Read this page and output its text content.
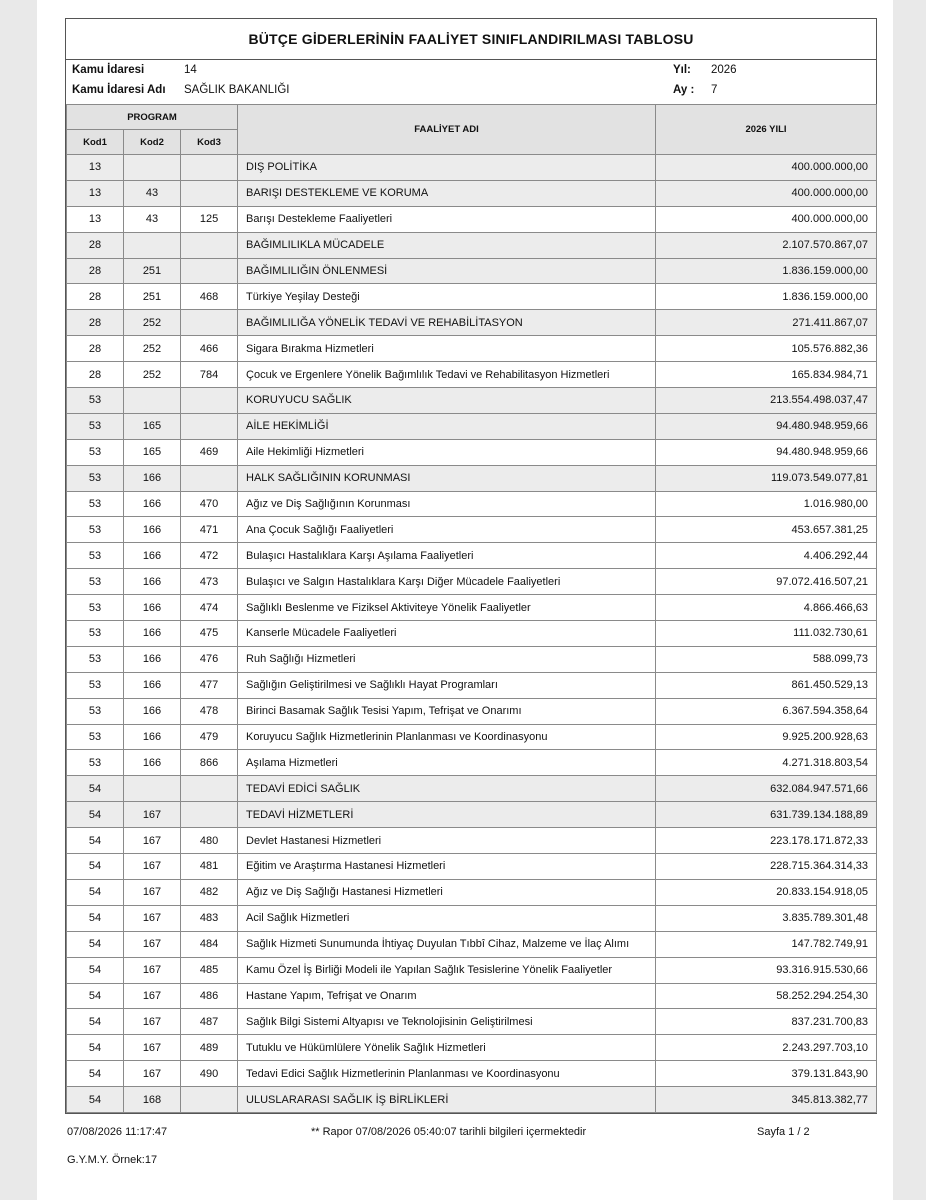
BÜTÇE GİDERLERİNİN FAALİYET SINIFLANDIRILMASI TABLOSU
Kamu İdaresi	14
Kamu İdaresi Adı SAĞLIK BAKANLIĞI
Yıl: 2026
Ay : 7
PROGRAM			FAALİYET ADI	2026 YILI
Kod1	Kod2	Kod3		
13			DIŞ POLİTİKA	400.000.000,00
13	43		BARIŞI DESTEKLEME VE KORUMA	400.000.000,00
13	43	125	Barışı Destekleme Faaliyetleri	400.000.000,00
28			BAĞIMLILIKLA MÜCADELE	2.107.570.867,07
28	251		BAĞIMLILIĞIN ÖNLENMESİ	1.836.159.000,00
28	251	468	Türkiye Yeşilay Desteği	1.836.159.000,00
28	252		BAĞIMLILIĞA YÖNELİK TEDAVİ VE REHABİLİTASYON	271.411.867,07
28	252	466	Sigara Bırakma Hizmetleri	105.576.882,36
28	252	784	Çocuk ve Ergenlere Yönelik Bağımlılık Tedavi ve Rehabilitasyon Hizmetleri	165.834.984,71
53			KORUYUCU SAĞLIK	213.554.498.037,47
53	165		AİLE HEKİMLİĞİ	94.480.948.959,66
53	165	469	Aile Hekimliği Hizmetleri	94.480.948.959,66
53	166		HALK SAĞLIĞININ KORUNMASI	119.073.549.077,81
53	166	470	Ağız ve Diş Sağlığının Korunması	1.016.980,00
53	166	471	Ana Çocuk Sağlığı Faaliyetleri	453.657.381,25
53	166	472	Bulaşıcı Hastalıklara Karşı Aşılama Faaliyetleri	4.406.292,44
53	166	473	Bulaşıcı ve Salgın Hastalıklara Karşı Diğer Mücadele Faaliyetleri	97.072.416.507,21
53	166	474	Sağlıklı Beslenme ve Fiziksel Aktiviteye Yönelik Faaliyetler	4.866.466,63
53	166	475	Kanserle Mücadele Faaliyetleri	111.032.730,61
53	166	476	Ruh Sağlığı Hizmetleri	588.099,73
53	166	477	Sağlığın Geliştirilmesi ve Sağlıklı Hayat Programları	861.450.529,13
53	166	478	Birinci Basamak Sağlık Tesisi Yapım, Tefrişat ve Onarımı	6.367.594.358,64
53	166	479	Koruyucu Sağlık Hizmetlerinin Planlanması ve Koordinasyonu	9.925.200.928,63
53	166	866	Aşılama Hizmetleri	4.271.318.803,54
54			TEDAVİ EDİCİ SAĞLIK	632.084.947.571,66
54	167		TEDAVİ HİZMETLERİ	631.739.134.188,89
54	167	480	Devlet Hastanesi Hizmetleri	223.178.171.872,33
54	167	481	Eğitim ve Araştırma Hastanesi Hizmetleri	228.715.364.314,33
54	167	482	Ağız ve Diş Sağlığı Hastanesi Hizmetleri	20.833.154.918,05
54	167	483	Acil Sağlık Hizmetleri	3.835.789.301,48
54	167	484	Sağlık Hizmeti Sunumunda İhtiyaç Duyulan Tıbbî Cihaz, Malzeme ve İlaç Alımı	147.782.749,91
54	167	485	Kamu Özel İş Birliği Modeli ile Yapılan Sağlık Tesislerine Yönelik Faaliyetler	93.316.915.530,66
54	167	486	Hastane Yapım, Tefrişat ve Onarım	58.252.294.254,30
54	167	487	Sağlık Bilgi Sistemi Altyapısı ve Teknolojisinin Geliştirilmesi	837.231.700,83
54	167	489	Tutuklu ve Hükümlülere Yönelik Sağlık Hizmetleri	2.243.297.703,10
54	167	490	Tedavi Edici Sağlık Hizmetlerinin Planlanması ve Koordinasyonu	379.131.843,90
54	168		ULUSLARARASI SAĞLIK İŞ BİRLİKLERİ	345.813.382,77
07/08/2026 11:17:47	** Rapor 07/08/2026 05:40:07 tarihli bilgileri içermektedir	Sayfa 1 / 2
G.Y.M.Y. Örnek:17
